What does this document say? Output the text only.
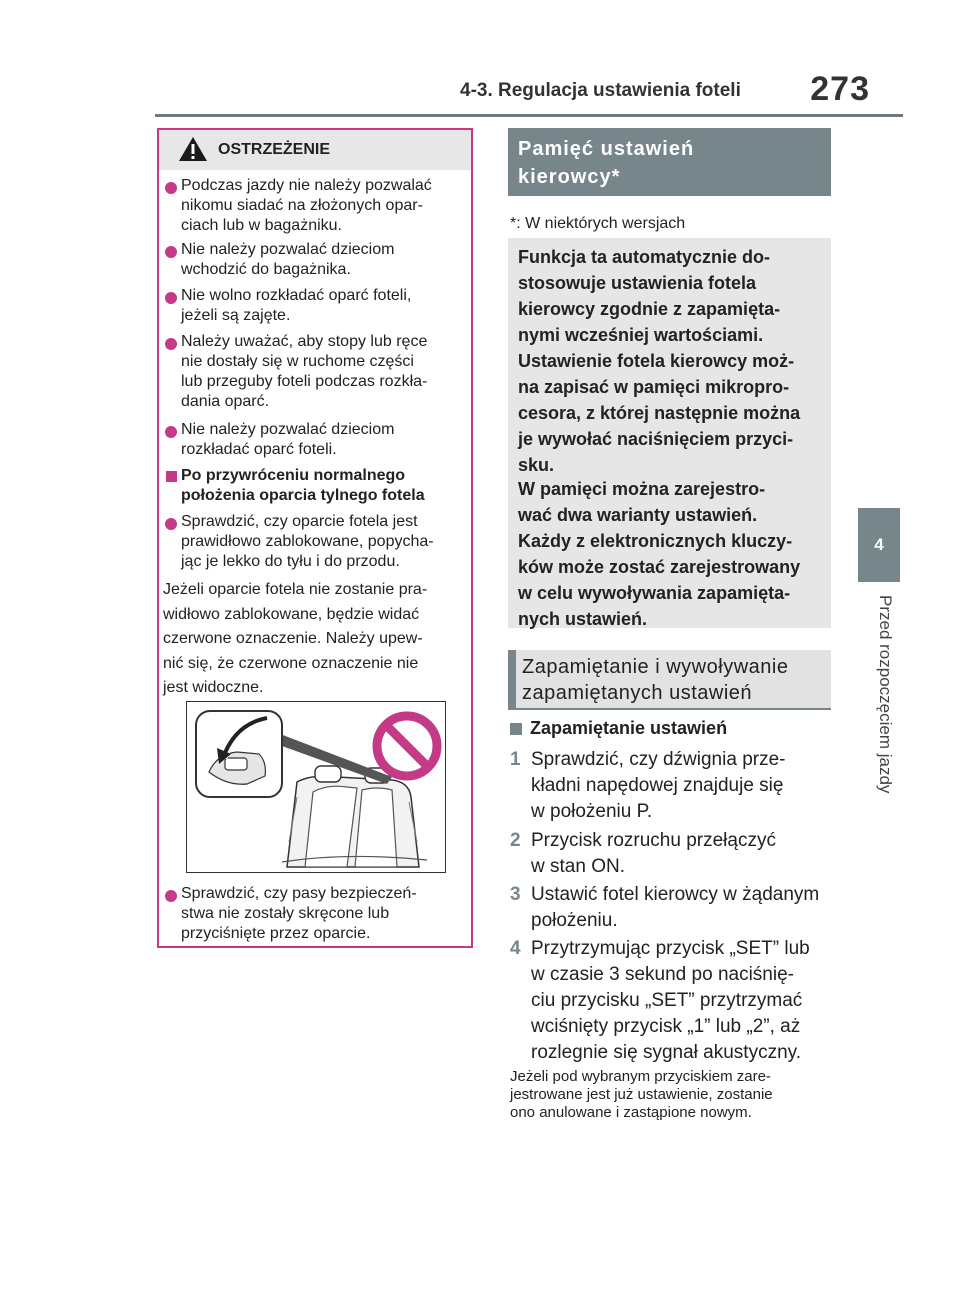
4-3. Regulacja ustawienia foteli	273
4
Przed rozpoczęciem jazdy
OSTRZEŻENIE
Podczas jazdy nie należy pozwalać
nikomu siadać na złożonych opar-
ciach lub w bagażniku.
Nie należy pozwalać dzieciom
wchodzić do bagażnika.
Nie wolno rozkładać oparć foteli,
jeżeli są zajęte.
Należy uważać, aby stopy lub ręce
nie dostały się w ruchome części
lub przeguby foteli podczas rozkła-
dania oparć.
Nie należy pozwalać dzieciom
rozkładać oparć foteli.
Po przywróceniu normalnego
położenia oparcia tylnego fotela
Sprawdzić, czy oparcie fotela jest
prawidłowo zablokowane, popycha-
jąc je lekko do tyłu i do przodu.
Jeżeli oparcie fotela nie zostanie pra-
widłowo zablokowane, będzie widać
czerwone oznaczenie. Należy upew-
nić się, że czerwone oznaczenie nie
jest widoczne.
Sprawdzić, czy pasy bezpieczeń-
stwa nie zostały skręcone lub
przyciśnięte przez oparcie.
Pamięć ustawień
kierowcy*
*: W niektórych wersjach
Funkcja ta automatycznie do-
stosowuje ustawienia fotela
kierowcy zgodnie z zapamięta-
nymi wcześniej wartościami.
Ustawienie fotela kierowcy moż-
na zapisać w pamięci mikropro-
cesora, z której następnie można
je wywołać naciśnięciem przyci-
sku.
W pamięci można zarejestro-
wać dwa warianty ustawień.
Każdy z elektronicznych kluczy-
ków może zostać zarejestrowany
w celu wywoływania zapamięta-
nych ustawień.
Zapamiętanie i wywoływanie
zapamiętanych ustawień
Zapamiętanie ustawień
1 Sprawdzić, czy dźwignia prze-
kładni napędowej znajduje się
w położeniu P.
2 Przycisk rozruchu przełączyć
w stan ON.
3 Ustawić fotel kierowcy w żądanym
położeniu.
4 Przytrzymując przycisk „SET” lub
w czasie 3 sekund po naciśnię-
ciu przycisku „SET” przytrzymać
wciśnięty przycisk „1” lub „2”, aż
rozlegnie się sygnał akustyczny.
Jeżeli pod wybranym przyciskiem zare-
jestrowane jest już ustawienie, zostanie
ono anulowane i zastąpione nowym.
